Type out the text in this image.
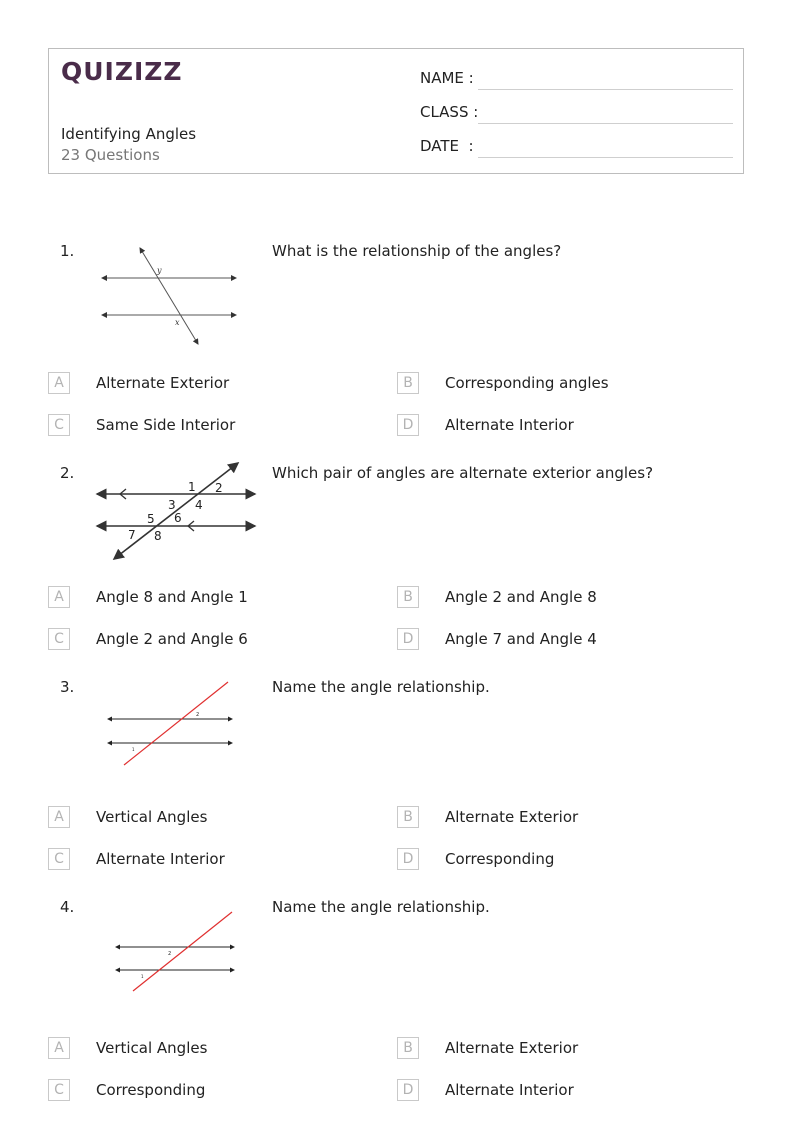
QUIZIZZ
Identifying Angles
23 Questions
NAME :
CLASS :
DATE  :
1.	What is the relationship of the angles?
y
x
A	Alternate Exterior	B	Corresponding angles
C	Same Side Interior	D	Alternate Interior
2.	Which pair of angles are alternate exterior angles?
1 2
3 4
5 6
7 8
A	Angle 8 and Angle 1	B	Angle 2 and Angle 8
C	Angle 2 and Angle 6	D	Angle 7 and Angle 4
3.	Name the angle relationship.
2
1
A	Vertical Angles	B	Alternate Exterior
C	Alternate Interior	D	Corresponding
4.	Name the angle relationship.
2
1
A	Vertical Angles	B	Alternate Exterior
C	Corresponding	D	Alternate Interior
